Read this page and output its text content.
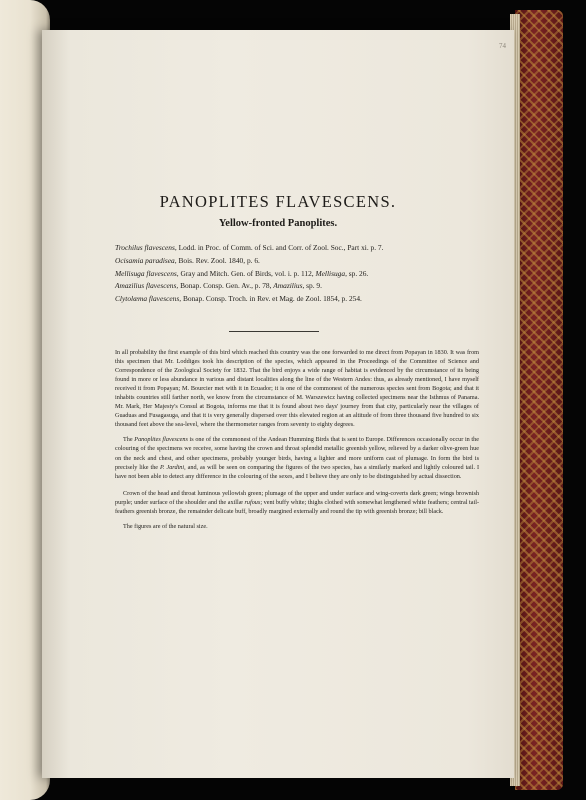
74
PANOPLITES FLAVESCENS.
Yellow-fronted Panoplites.
Trochilus flavescens, Lodd. in Proc. of Comm. of Sci. and Corr. of Zool. Soc., Part xi. p. 7.
Ocisamia paradisea, Bois. Rev. Zool. 1840, p. 6.
Mellisuga flavescens, Gray and Mitch. Gen. of Birds, vol. i. p. 112, Mellisuga, sp. 26.
Amazilius flavescens, Bonap. Consp. Gen. Av., p. 78, Amazilius, sp. 9.
Clytolæma flavescens, Bonap. Consp. Troch. in Rev. et Mag. de Zool. 1854, p. 254.

In all probability the first example of this bird which reached this country was the one forwarded to me direct from Popayan in 1830. It was from this specimen that Mr. Loddiges took his description of the species, which appeared in the Proceedings of the Committee of Science and Correspondence of the Zoological Society for 1832. That the bird enjoys a wide range of habitat is evidenced by the circumstance of its being found in more or less abundance in various and distant localities along the line of the Western Andes: thus, as already mentioned, I have myself received it from Popayan; M. Bourcier met with it in Ecuador; it is one of the commonest of the numerous species sent from Bogota; and that it inhabits countries still farther north, we know from the circumstance of M. Warszewicz having collected specimens near the Isthmus of Panama. Mr. Mark, Her Majesty's Consul at Bogota, informs me that it is found about two days' journey from that city, particularly near the villages of Guaduas and Fusagasuga, and that it is very generally dispersed over this elevated region at an altitude of from three thousand five hundred to six thousand feet above the sea-level, where the thermometer ranges from seventy to eighty degrees.

The Panoplites flavescens is one of the commonest of the Andean Humming Birds that is sent to Europe. Differences occasionally occur in the colouring of the specimens we receive, some having the crown and throat splendid metallic greenish yellow, relieved by a darker olive-green hue on the neck and chest, and other specimens, probably younger birds, having a lighter and more uniform cast of plumage. In form the bird is precisely like the P. Jardini, and, as will be seen on comparing the figures of the two species, has a similarly marked and lightly coloured tail. I have not been able to detect any difference in the colouring of the sexes, and I believe they are only to be distinguished by actual dissection.

Crown of the head and throat luminous yellowish green; plumage of the upper and under surface and wing-coverts dark green; wings brownish purple; under surface of the shoulder and the axillæ rufous; vent buffy white; thighs clothed with somewhat lengthened white feathers; central tail-feathers greenish bronze, the remainder delicate buff, broadly margined externally and round the tip with greenish bronze; bill black.

The figures are of the natural size.
